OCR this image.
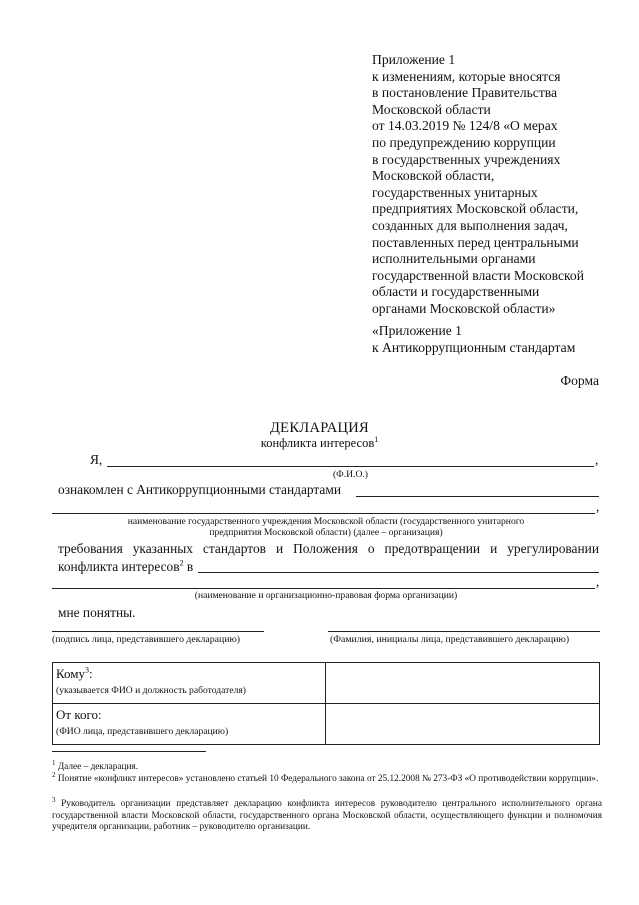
Приложение 1
к изменениям, которые вносятся
в постановление Правительства
Московской области
от 14.03.2019 № 124/8 «О мерах
по предупреждению коррупции
в государственных учреждениях
Московской области,
государственных унитарных
предприятиях Московской области,
созданных для выполнения задач,
поставленных перед центральными
исполнительными органами
государственной власти Московской
области и государственными
органами Московской области»
«Приложение 1
к Антикоррупционным стандартам
Форма
ДЕКЛАРАЦИЯ
конфликта интересов$^1$
Я,	,
(Ф.И.О.)
ознакомлен с Антикоррупционными стандартами
,
наименование государственного учреждения Московской области (государственного унитарного
предприятия Московской области) (далее – организация)
требования указанных стандартов и Положения о предотвращении и урегулировании
конфликта интересов$^2$ в
,
(наименование и организационно-правовая форма организации)
мне понятны.
(подпись лица, представившего декларацию)	(Фамилия, инициалы лица, представившего декларацию)
Кому$^3$:
(указывается ФИО и должность работодателя)	

От кого:
(ФИО лица, представившего декларацию)	

$^1$ Далее – декларация.
$^2$ Понятие «конфликт интересов» установлено статьей 10 Федерального закона от 25.12.2008 № 273-ФЗ «О противодействии коррупции».
$^3$ Руководитель организации представляет декларацию конфликта интересов руководителю центрального исполнительного органа государственной власти Московской области, государственного органа Московской области, осуществляющего функции и полномочия учредителя организации, работник – руководителю организации.
